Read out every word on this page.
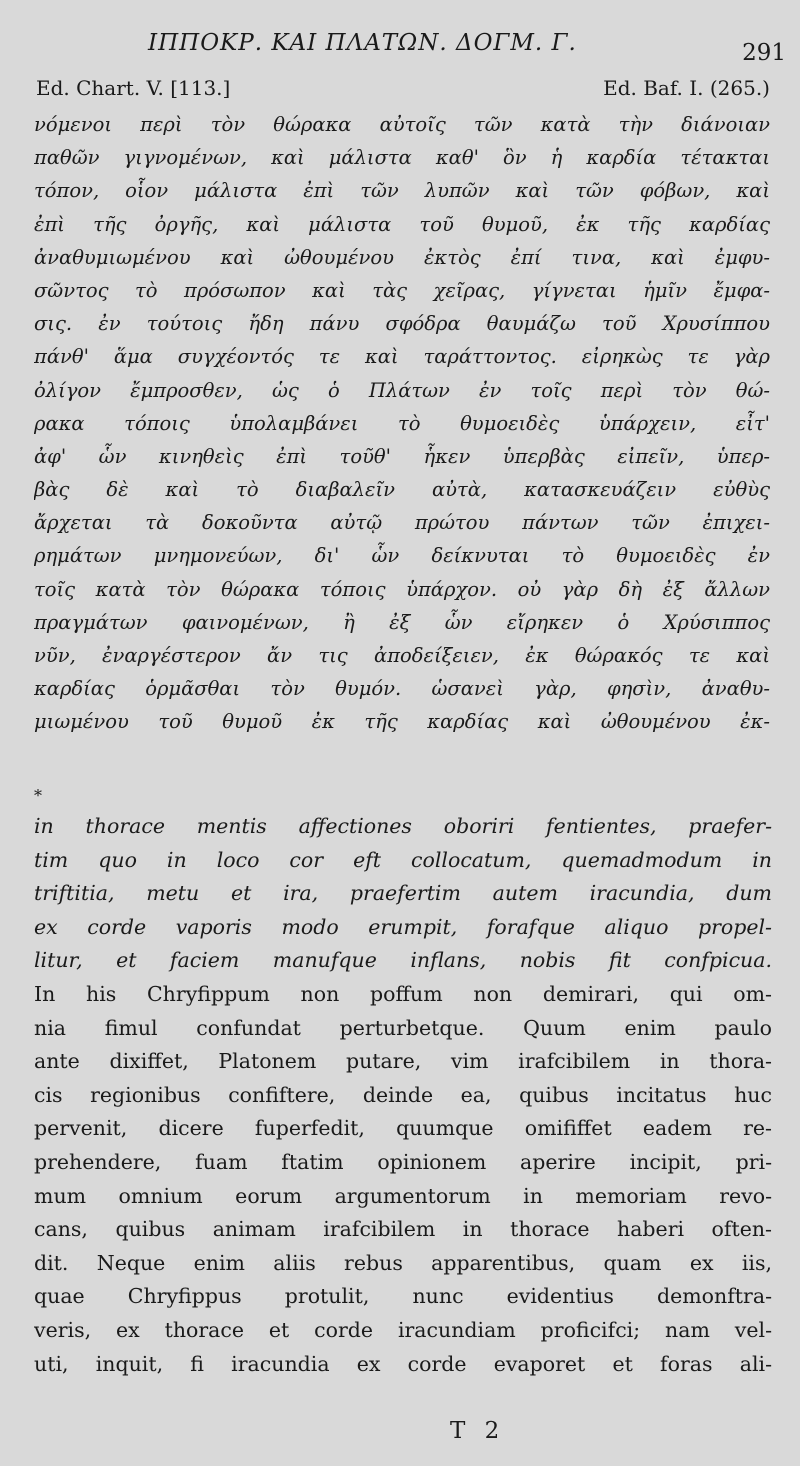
ΙΠΠΟΚΡ. ΚΑΙ ΠΛΑΤΩΝ. ΔΟΓΜ. Γ.	291
Ed. Chart. V. [113.]	Ed. Baf. I. (265.)
νόμενοι περὶ τὸν θώρακα αὐτοῖς τῶν κατὰ τὴν διάνοιαν
παθῶν γιγνομένων, καὶ μάλιστα καθ' ὃν ἡ καρδία τέτακται
τόπον, οἷον μάλιστα ἐπὶ τῶν λυπῶν καὶ τῶν φόβων, καὶ
ἐπὶ τῆς ὀργῆς, καὶ μάλιστα τοῦ θυμοῦ, ἐκ τῆς καρδίας
ἀναθυμιωμένου καὶ ὠθουμένου ἐκτὸς ἐπί τινα, καὶ ἐμφυ-
σῶντος τὸ πρόσωπον καὶ τὰς χεῖρας, γίγνεται ἡμῖν ἔμφα-
σις. ἐν τούτοις ἤδη πάνυ σφόδρα θαυμάζω τοῦ Χρυσίππου
πάνθ' ἅμα συγχέοντός τε καὶ ταράττοντος. εἰρηκὼς τε γὰρ
ὀλίγον ἔμπροσθεν, ὡς ὁ Πλάτων ἐν τοῖς περὶ τὸν θώ-
ρακα τόποις ὑπολαμβάνει τὸ θυμοειδὲς ὑπάρχειν, εἶτ'
ἀφ' ὧν κινηθεὶς ἐπὶ τοῦθ' ἧκεν ὑπερβὰς εἰπεῖν, ὑπερ-
βὰς δὲ καὶ τὸ διαβαλεῖν αὐτὰ, κατασκευάζειν εὐθὺς
ἄρχεται τὰ δοκοῦντα αὐτῷ πρώτου πάντων τῶν ἐπιχει-
ρημάτων μνημονεύων, δι' ὧν δείκνυται τὸ θυμοειδὲς ἐν
τοῖς κατὰ τὸν θώρακα τόποις ὑπάρχον. οὐ γὰρ δὴ ἐξ ἄλλων
πραγμάτων φαινομένων, ἢ ἐξ ὧν εἴρηκεν ὁ Χρύσιππος
νῦν, ἐναργέστερον ἄν τις ἀποδείξειεν, ἐκ θώρακός τε καὶ
καρδίας ὁρμᾶσθαι τὸν θυμόν. ὡσανεὶ γὰρ, φησὶν, ἀναθυ-
μιωμένου τοῦ θυμοῦ ἐκ τῆς καρδίας καὶ ὠθουμένου ἐκ-
*
in thorace mentis affectiones oboriri fentientes, praefer-
tim quo in loco cor eft collocatum, quemadmodum in
triftitia, metu et ira, praefertim autem iracundia, dum
ex corde vaporis modo erumpit, forafque aliquo propel-
litur, et faciem manufque inflans, nobis fit confpicua.
In his Chryfippum non poffum non demirari, qui om-
nia fimul confundat perturbetque. Quum enim paulo
ante dixiffet, Platonem putare, vim irafcibilem in thora-
cis regionibus confiftere, deinde ea, quibus incitatus huc
pervenit, dicere fuperfedit, quumque omififfet eadem re-
prehendere, fuam ftatim opinionem aperire incipit, pri-
mum omnium eorum argumentorum in memoriam revo-
cans, quibus animam irafcibilem in thorace haberi often-
dit. Neque enim aliis rebus apparentibus, quam ex iis,
quae Chryfippus protulit, nunc evidentius demonftra-
veris, ex thorace et corde iracundiam proficifci; nam vel-
uti, inquit, fi iracundia ex corde evaporet et foras ali-
T 2
